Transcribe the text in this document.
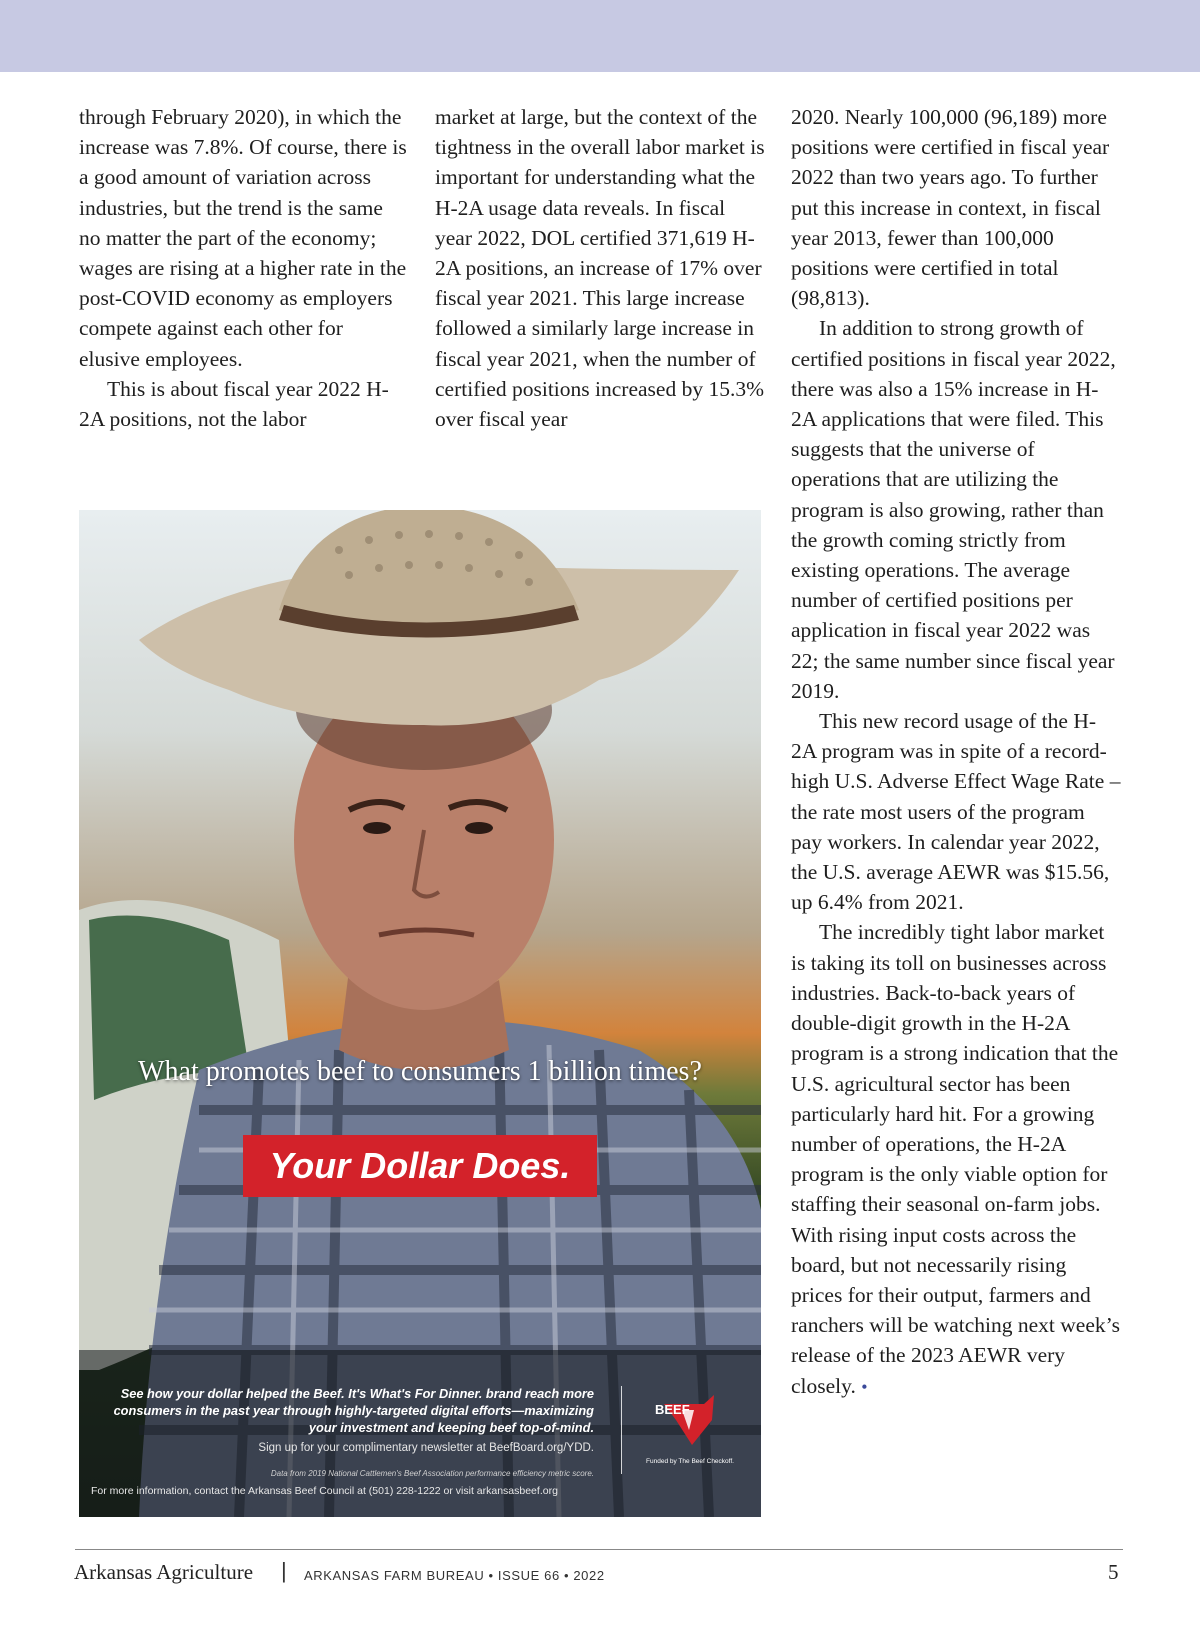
through February 2020), in which the increase was 7.8%. Of course, there is a good amount of variation across industries, but the trend is the same no matter the part of the economy; wages are rising at a higher rate in the post-COVID economy as employers compete against each other for elusive employees.

This is about fiscal year 2022 H-2A positions, not the labor

market at large, but the context of the tightness in the overall labor market is important for understanding what the H-2A usage data reveals. In fiscal year 2022, DOL certified 371,619 H-2A positions, an increase of 17% over fiscal year 2021. This large increase followed a similarly large increase in fiscal year 2021, when the number of certified positions increased by 15.3% over fiscal year

2020. Nearly 100,000 (96,189) more positions were certified in fiscal year 2022 than two years ago. To further put this increase in context, in fiscal year 2013, fewer than 100,000 positions were certified in total (98,813).

In addition to strong growth of certified positions in fiscal year 2022, there was also a 15% increase in H-2A applications that were filed. This suggests that the universe of operations that are utilizing the program is also growing, rather than the growth coming strictly from existing operations. The average number of certified positions per application in fiscal year 2022 was 22; the same number since fiscal year 2019.

This new record usage of the H-2A program was in spite of a record-high U.S. Adverse Effect Wage Rate – the rate most users of the program pay workers. In calendar year 2022, the U.S. average AEWR was $15.56, up 6.4% from 2021.

The incredibly tight labor market is taking its toll on businesses across industries. Back-to-back years of double-digit growth in the H-2A program is a strong indication that the U.S. agricultural sector has been particularly hard hit. For a growing number of operations, the H-2A program is the only viable option for staffing their seasonal on-farm jobs. With rising input costs across the board, but not necessarily rising prices for their output, farmers and ranchers will be watching next week’s release of the 2023 AEWR very closely. •

What promotes beef to consumers 1 billion times?
Your Dollar Does.
See how your dollar helped the Beef. It's What's For Dinner. brand reach more consumers in the past year through highly-targeted digital efforts—maximizing your investment and keeping beef top-of-mind.
Sign up for your complimentary newsletter at BeefBoard.org/YDD.
Data from 2019 National Cattlemen's Beef Association performance efficiency metric score.
For more information, contact the Arkansas Beef Council at (501) 228-1222 or visit arkansasbeef.org
BEEF
Funded by The Beef Checkoff.
Arkansas Agriculture | ARKANSAS FARM BUREAU • ISSUE 66 • 2022	5
